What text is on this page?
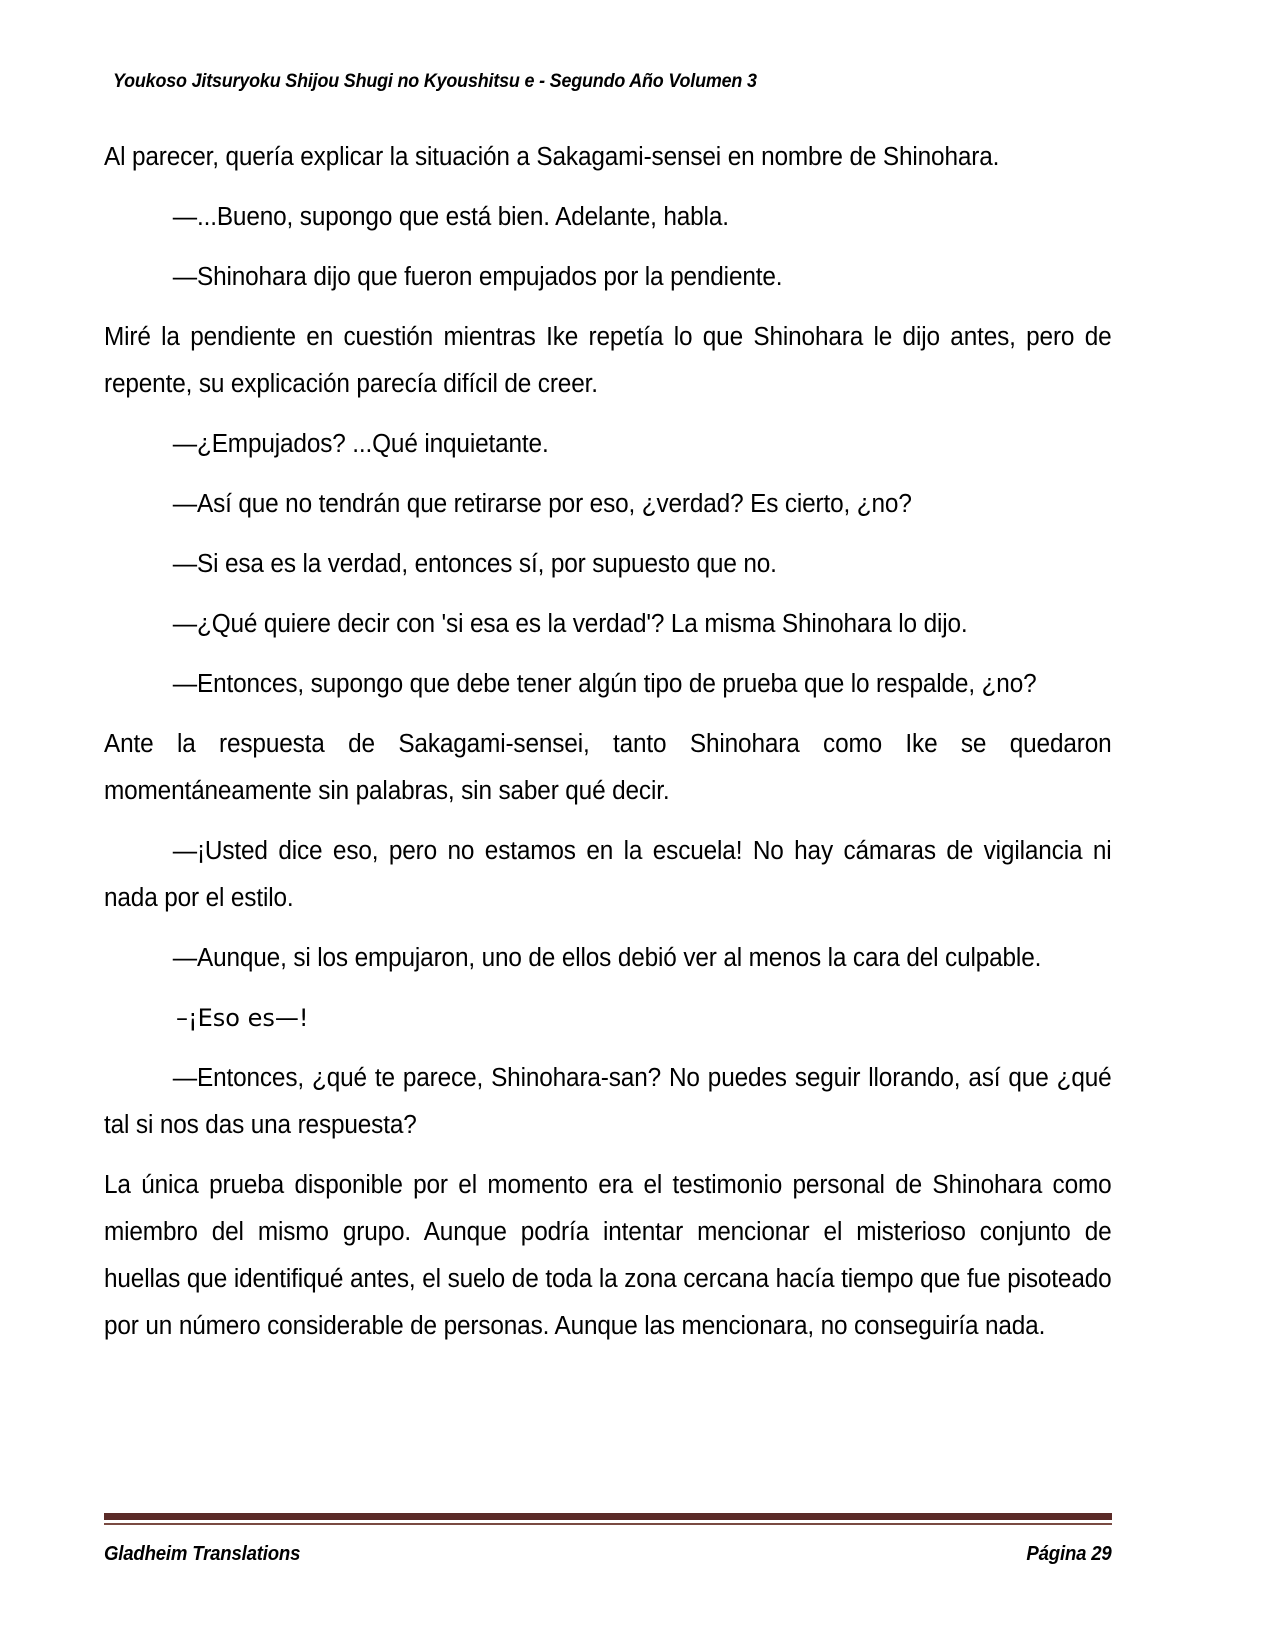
Youkoso Jitsuryoku Shijou Shugi no Kyoushitsu e - Segundo Año Volumen 3

Al parecer, quería explicar la situación a Sakagami-sensei en nombre de Shinohara.

—...Bueno, supongo que está bien. Adelante, habla.

—Shinohara dijo que fueron empujados por la pendiente.

Miré la pendiente en cuestión mientras Ike repetía lo que Shinohara le dijo antes, pero de repente, su explicación parecía difícil de creer.

—¿Empujados? ...Qué inquietante.

—Así que no tendrán que retirarse por eso, ¿verdad? Es cierto, ¿no?

—Si esa es la verdad, entonces sí, por supuesto que no.

—¿Qué quiere decir con 'si esa es la verdad'? La misma Shinohara lo dijo.

—Entonces, supongo que debe tener algún tipo de prueba que lo respalde, ¿no?

Ante la respuesta de Sakagami-sensei, tanto Shinohara como Ike se quedaron momentáneamente sin palabras, sin saber qué decir.

—¡Usted dice eso, pero no estamos en la escuela! No hay cámaras de vigilancia ni nada por el estilo.

—Aunque, si los empujaron, uno de ellos debió ver al menos la cara del culpable.

–¡Eso es—!

—Entonces, ¿qué te parece, Shinohara-san? No puedes seguir llorando, así que ¿qué tal si nos das una respuesta?

La única prueba disponible por el momento era el testimonio personal de Shinohara como miembro del mismo grupo. Aunque podría intentar mencionar el misterioso conjunto de huellas que identifiqué antes, el suelo de toda la zona cercana hacía tiempo que fue pisoteado por un número considerable de personas. Aunque las mencionara, no conseguiría nada.

Gladheim Translations	Página 29
